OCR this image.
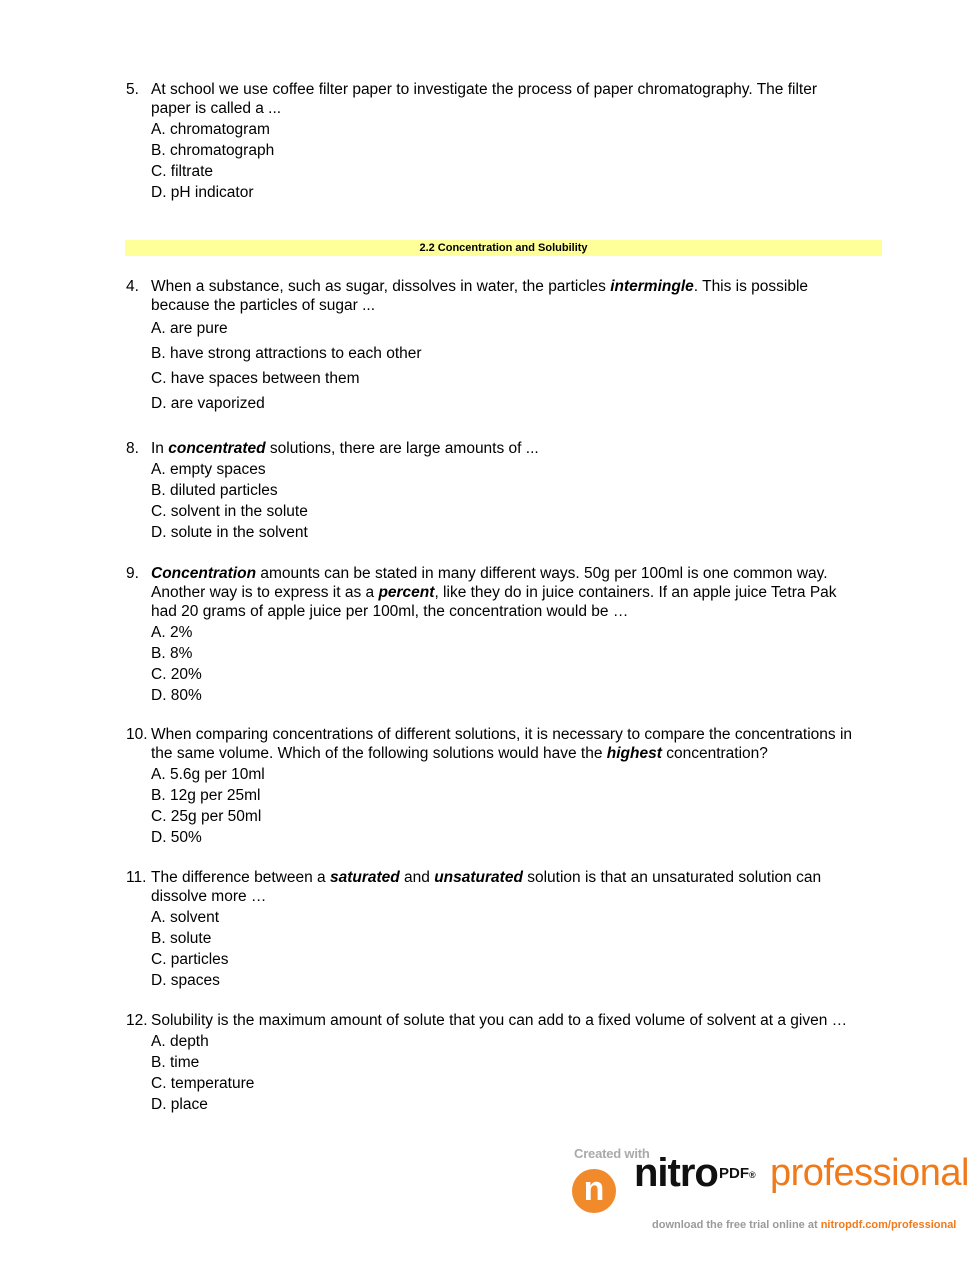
5. At school we use coffee filter paper to investigate the process of paper chromatography. The filter
paper is called a ...
A. chromatogram
B. chromatograph
C. filtrate
D. pH indicator
2.2 Concentration and Solubility
4. When a substance, such as sugar, dissolves in water, the particles intermingle. This is possible
because the particles of sugar ...
A. are pure
B. have strong attractions to each other
C. have spaces between them
D. are vaporized
8. In concentrated solutions, there are large amounts of ...
A. empty spaces
B. diluted particles
C. solvent in the solute
D. solute in the solvent
9. Concentration amounts can be stated in many different ways. 50g per 100ml is one common way.
Another way is to express it as a percent, like they do in juice containers. If an apple juice Tetra Pak
had 20 grams of apple juice per 100ml, the concentration would be …
A. 2%
B. 8%
C. 20%
D. 80%
10. When comparing concentrations of different solutions, it is necessary to compare the concentrations in
the same volume. Which of the following solutions would have the highest concentration?
A. 5.6g per 10ml
B. 12g per 25ml
C. 25g per 50ml
D. 50%
11. The difference between a saturated and unsaturated solution is that an unsaturated solution can
dissolve more …
A. solvent
B. solute
C. particles
D. spaces
12. Solubility is the maximum amount of solute that you can add to a fixed volume of solvent at a given …
A. depth
B. time
C. temperature
D. place
Created with
n nitro PDF® professional
download the free trial online at nitropdf.com/professional
